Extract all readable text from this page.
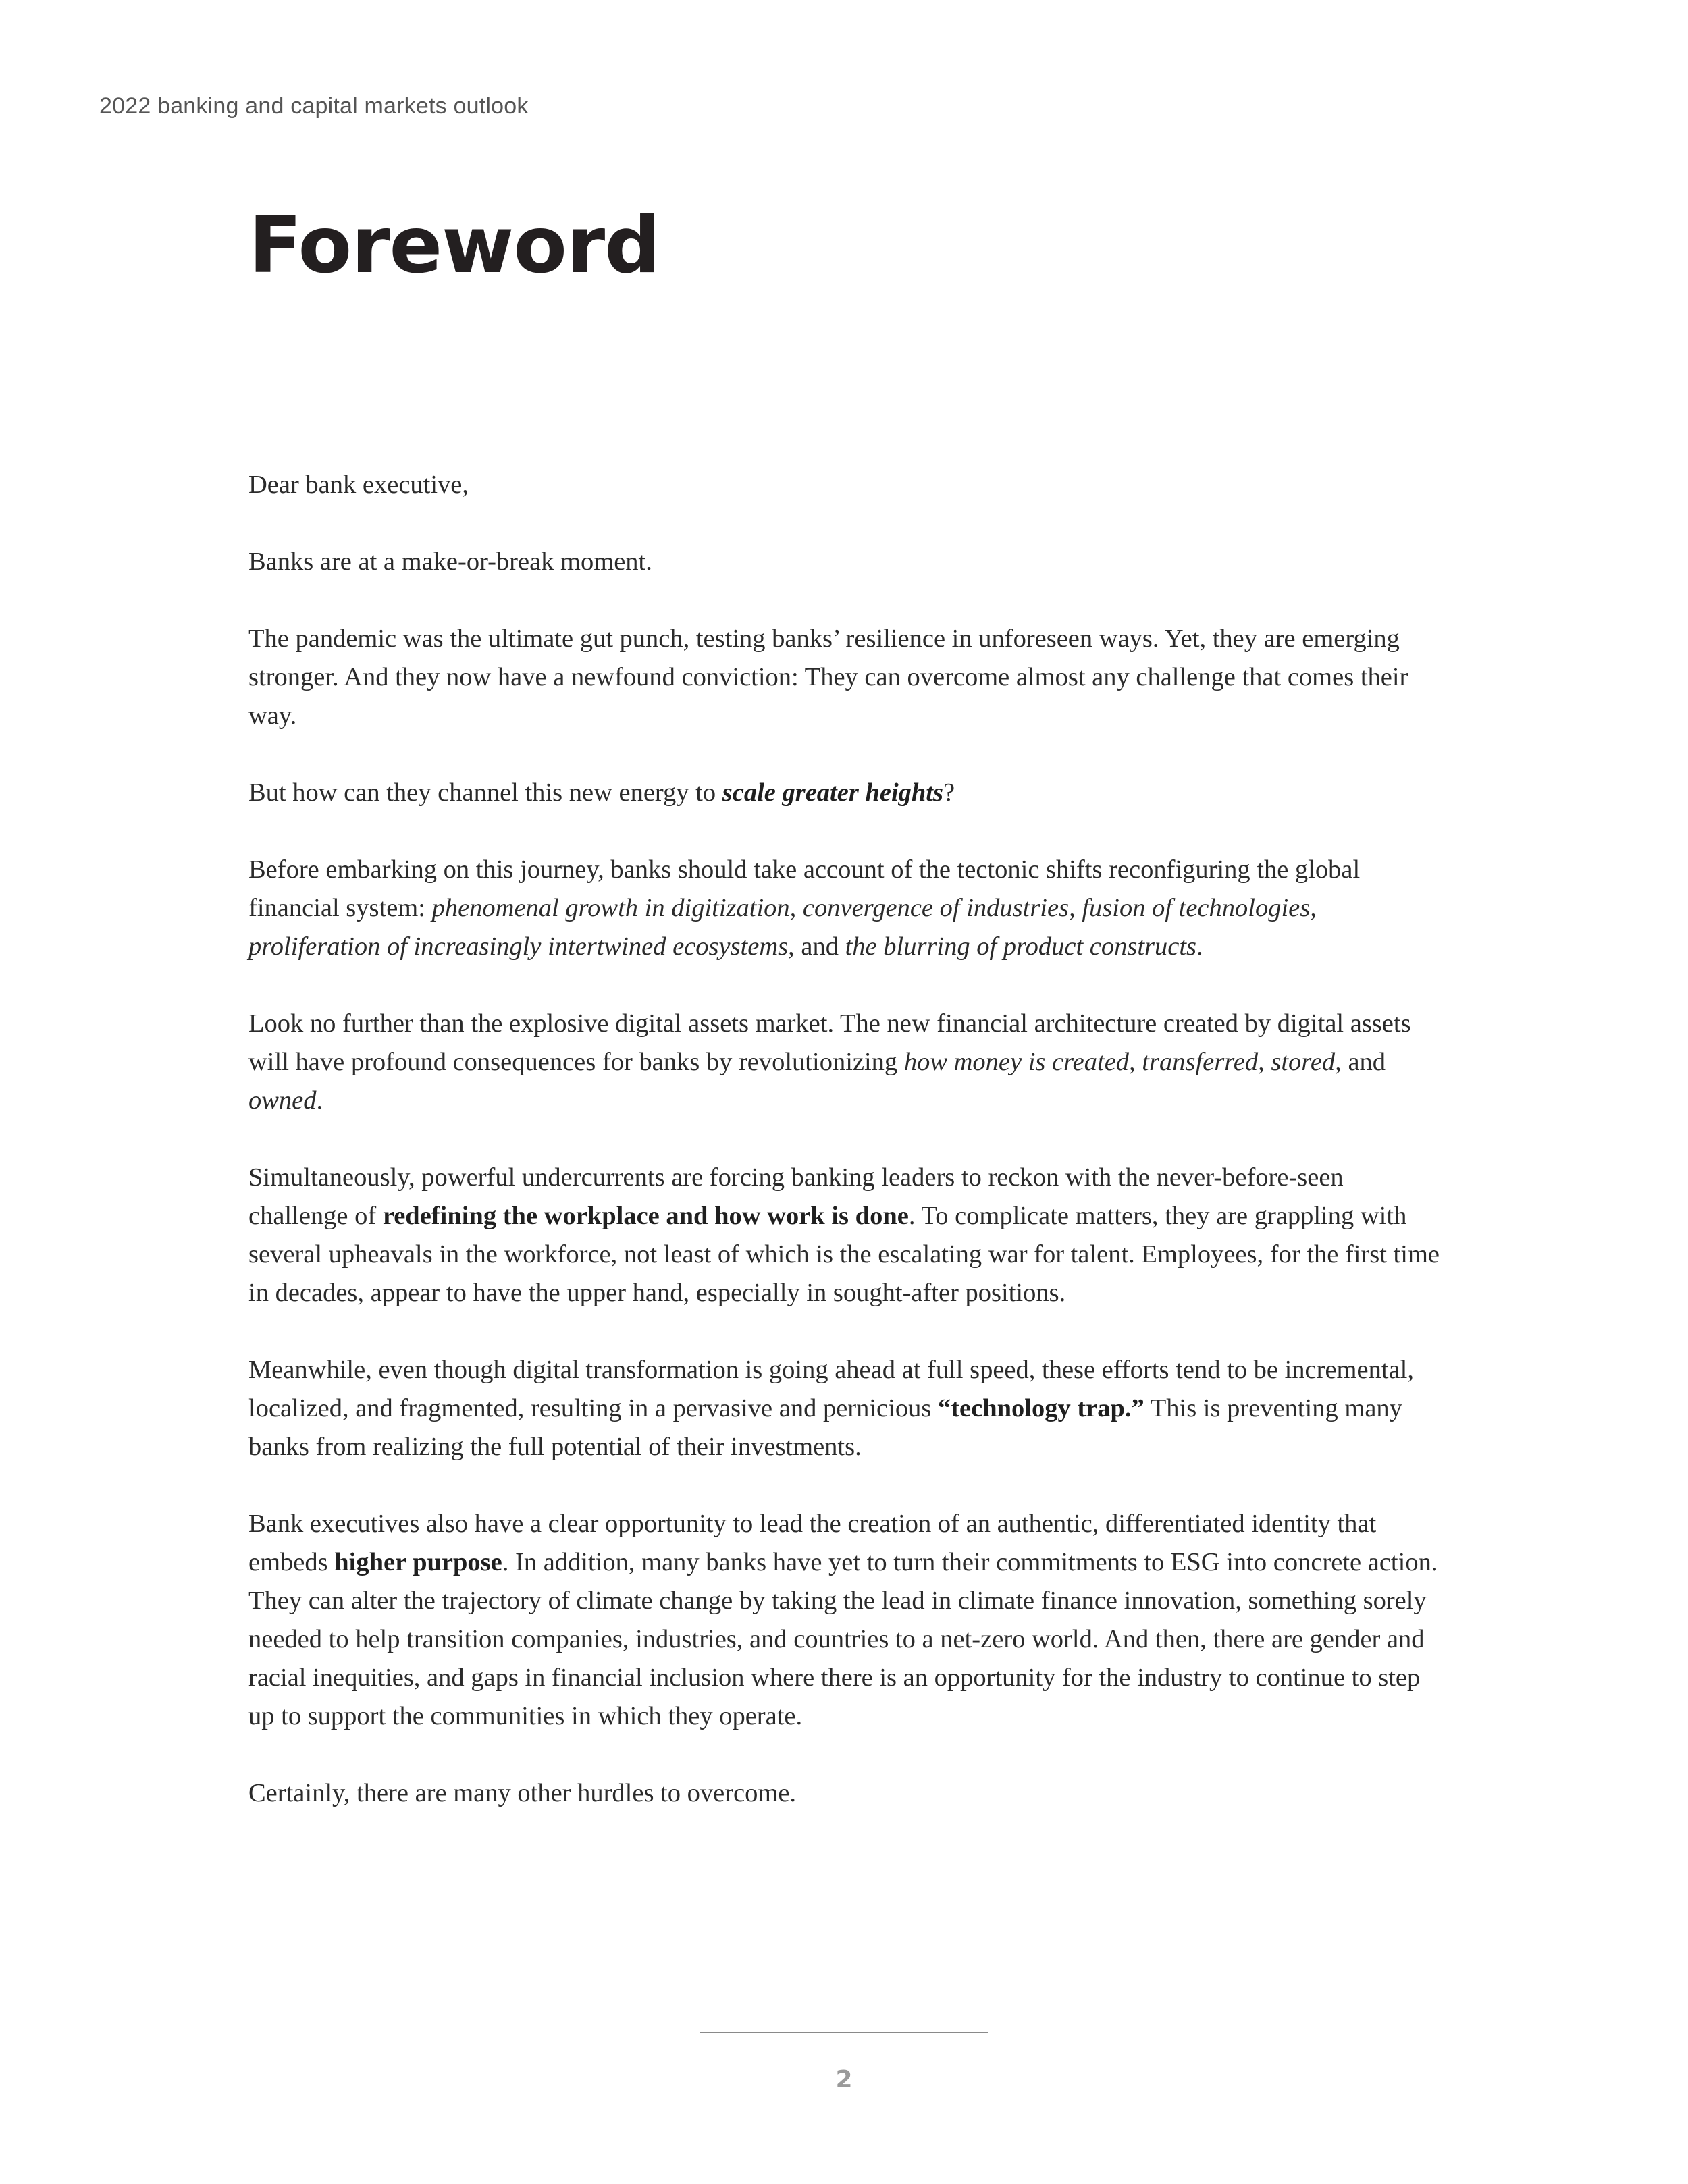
2022 banking and capital markets outlook
Foreword

Dear bank executive,

Banks are at a make-or-break moment.

The pandemic was the ultimate gut punch, testing banks’ resilience in unforeseen ways. Yet, they are emerging stronger. And they now have a newfound conviction: They can overcome almost any challenge that comes their way.

But how can they channel this new energy to scale greater heights?

Before embarking on this journey, banks should take account of the tectonic shifts reconfiguring the global financial system: phenomenal growth in digitization, convergence of industries, fusion of technologies, proliferation of increasingly intertwined ecosystems, and the blurring of product constructs.

Look no further than the explosive digital assets market. The new financial architecture created by digital assets will have profound consequences for banks by revolutionizing how money is created, transferred, stored, and owned.

Simultaneously, powerful undercurrents are forcing banking leaders to reckon with the never-before-seen challenge of redefining the workplace and how work is done. To complicate matters, they are grappling with several upheavals in the workforce, not least of which is the escalating war for talent. Employees, for the first time in decades, appear to have the upper hand, especially in sought-after positions.

Meanwhile, even though digital transformation is going ahead at full speed, these efforts tend to be incremental, localized, and fragmented, resulting in a pervasive and pernicious “technology trap.” This is preventing many banks from realizing the full potential of their investments.

Bank executives also have a clear opportunity to lead the creation of an authentic, differentiated identity that embeds higher purpose. In addition, many banks have yet to turn their commitments to ESG into concrete action. They can alter the trajectory of climate change by taking the lead in climate finance innovation, something sorely needed to help transition companies, industries, and countries to a net-zero world. And then, there are gender and racial inequities, and gaps in financial inclusion where there is an opportunity for the industry to continue to step up to support the communities in which they operate.

Certainly, there are many other hurdles to overcome.

2
